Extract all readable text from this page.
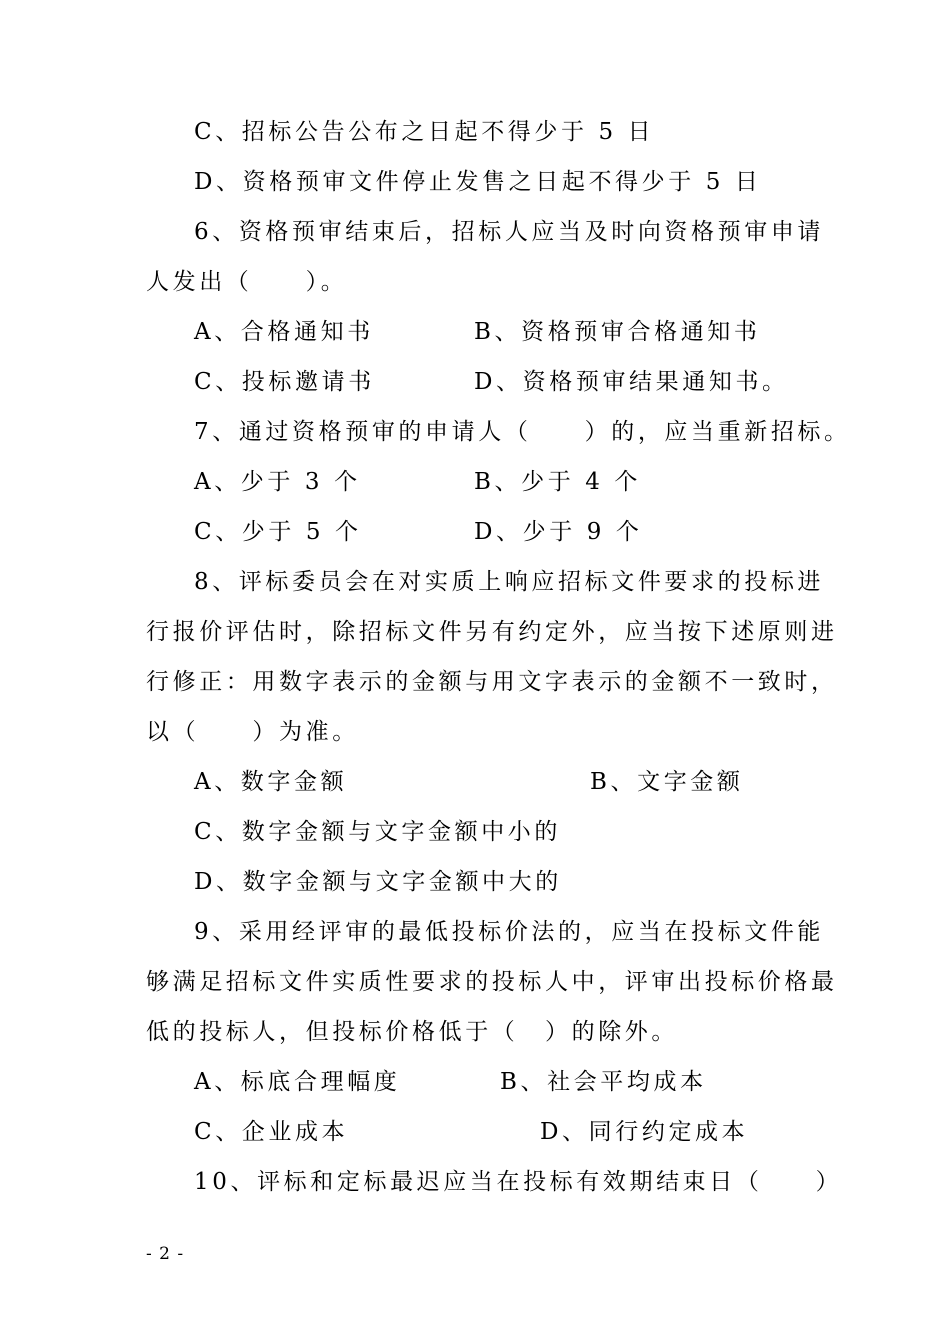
C、招标公告公布之日起不得少于 5 日
D、资格预审文件停止发售之日起不得少于 5 日
6、资格预审结束后，招标人应当及时向资格预审申请
人发出（　　）。
A、合格通知书	B、资格预审合格通知书
C、投标邀请书	D、资格预审结果通知书。
7、通过资格预审的申请人（　　）的，应当重新招标。
A、少于 3 个	B、少于 4 个
C、少于 5 个	D、少于 9 个
8、评标委员会在对实质上响应招标文件要求的投标进
行报价评估时，除招标文件另有约定外，应当按下述原则进
行修正：用数字表示的金额与用文字表示的金额不一致时，
以（　　）为准。
A、数字金额	B、文字金额
C、数字金额与文字金额中小的
D、数字金额与文字金额中大的
9、采用经评审的最低投标价法的，应当在投标文件能
够满足招标文件实质性要求的投标人中，评审出投标价格最
低的投标人，但投标价格低于（　）的除外。
A、标底合理幅度	B、社会平均成本
C、企业成本	D、同行约定成本
10、评标和定标最迟应当在投标有效期结束日（　　）
- 2 -
